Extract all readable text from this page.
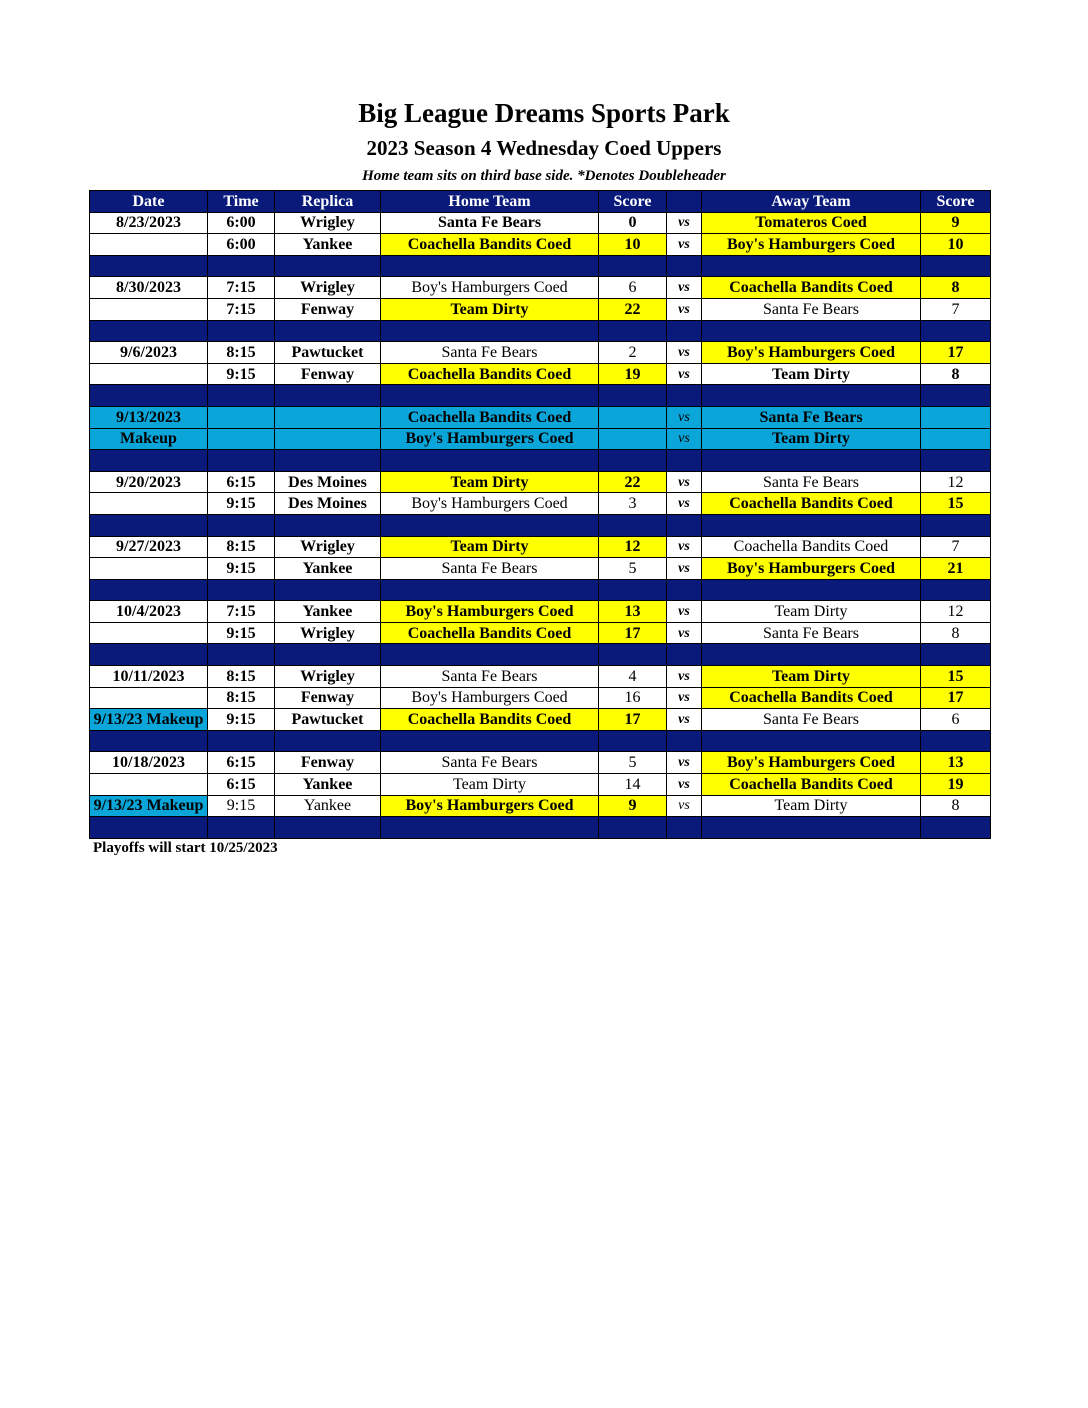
Big League Dreams Sports Park
2023 Season 4 Wednesday Coed Uppers
Home team sits on third base side. *Denotes Doubleheader
Date	Time	Replica	Home Team	Score		Away Team	Score
8/23/2023	6:00	Wrigley	Santa Fe Bears	0	vs	Tomateros Coed	9
	6:00	Yankee	Coachella Bandits Coed	10	vs	Boy's Hamburgers Coed	10

8/30/2023	7:15	Wrigley	Boy's Hamburgers Coed	6	vs	Coachella Bandits Coed	8
	7:15	Fenway	Team Dirty	22	vs	Santa Fe Bears	7

9/6/2023	8:15	Pawtucket	Santa Fe Bears	2	vs	Boy's Hamburgers Coed	17
	9:15	Fenway	Coachella Bandits Coed	19	vs	Team Dirty	8

9/13/2023			Coachella Bandits Coed		vs	Santa Fe Bears	
Makeup			Boy's Hamburgers Coed		vs	Team Dirty	

9/20/2023	6:15	Des Moines	Team Dirty	22	vs	Santa Fe Bears	12
	9:15	Des Moines	Boy's Hamburgers Coed	3	vs	Coachella Bandits Coed	15

9/27/2023	8:15	Wrigley	Team Dirty	12	vs	Coachella Bandits Coed	7
	9:15	Yankee	Santa Fe Bears	5	vs	Boy's Hamburgers Coed	21

10/4/2023	7:15	Yankee	Boy's Hamburgers Coed	13	vs	Team Dirty	12
	9:15	Wrigley	Coachella Bandits Coed	17	vs	Santa Fe Bears	8

10/11/2023	8:15	Wrigley	Santa Fe Bears	4	vs	Team Dirty	15
	8:15	Fenway	Boy's Hamburgers Coed	16	vs	Coachella Bandits Coed	17
9/13/23 Makeup	9:15	Pawtucket	Coachella Bandits Coed	17	vs	Santa Fe Bears	6

10/18/2023	6:15	Fenway	Santa Fe Bears	5	vs	Boy's Hamburgers Coed	13
	6:15	Yankee	Team Dirty	14	vs	Coachella Bandits Coed	19
9/13/23 Makeup	9:15	Yankee	Boy's Hamburgers Coed	9	vs	Team Dirty	8

Playoffs will start 10/25/2023
